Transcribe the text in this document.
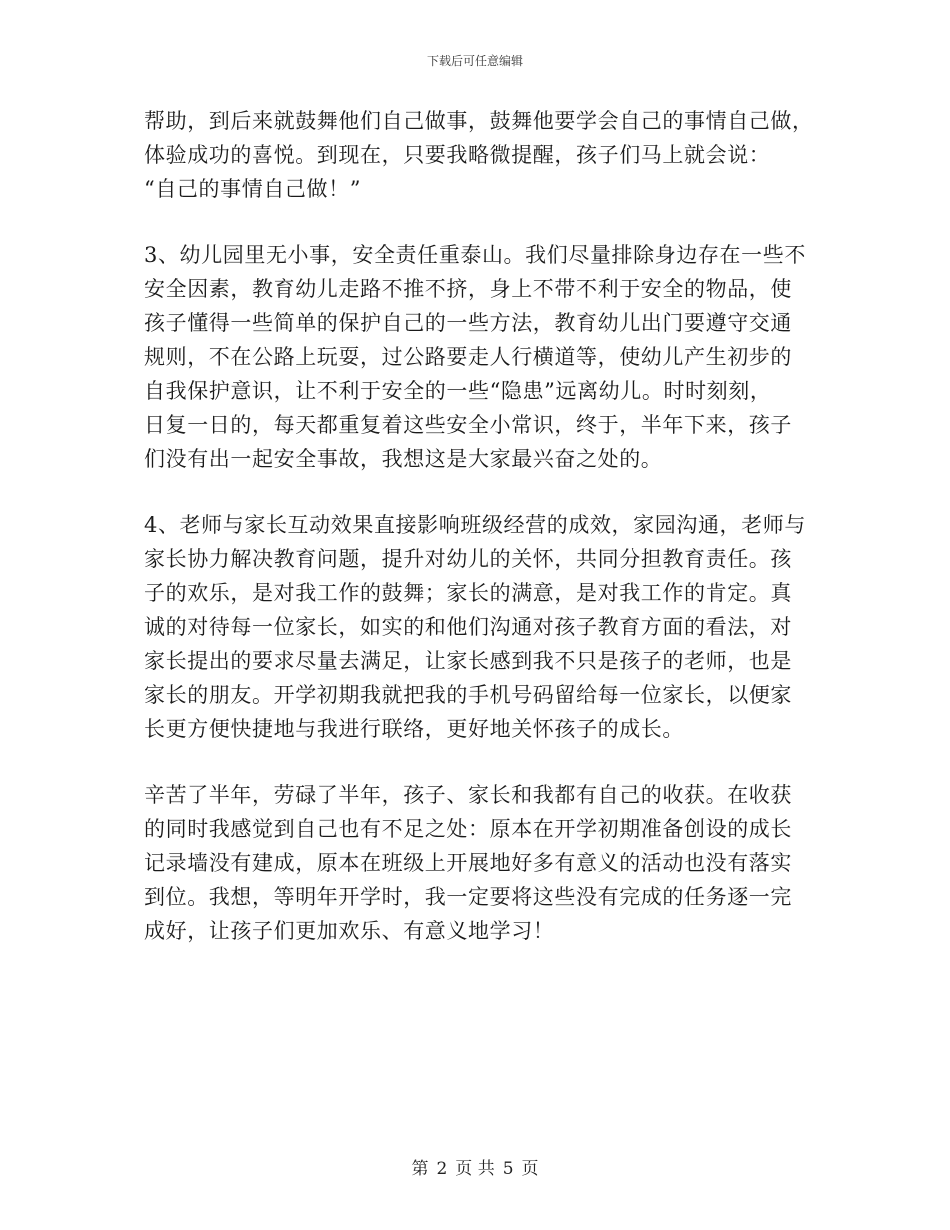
下载后可任意编辑
帮助，到后来就鼓舞他们自己做事，鼓舞他要学会自己的事情自己做，
体验成功的喜悦。到现在，只要我略微提醒，孩子们马上就会说：
“自己的事情自己做！”
3、幼儿园里无小事，安全责任重泰山。我们尽量排除身边存在一些不
安全因素，教育幼儿走路不推不挤，身上不带不利于安全的物品，使
孩子懂得一些简单的保护自己的一些方法，教育幼儿出门要遵守交通
规则，不在公路上玩耍，过公路要走人行横道等，使幼儿产生初步的
自我保护意识，让不利于安全的一些“隐患”远离幼儿。时时刻刻，
日复一日的，每天都重复着这些安全小常识，终于，半年下来，孩子
们没有出一起安全事故，我想这是大家最兴奋之处的。
4、老师与家长互动效果直接影响班级经营的成效，家园沟通，老师与
家长协力解决教育问题，提升对幼儿的关怀，共同分担教育责任。孩
子的欢乐，是对我工作的鼓舞；家长的满意，是对我工作的肯定。真
诚的对待每一位家长，如实的和他们沟通对孩子教育方面的看法，对
家长提出的要求尽量去满足，让家长感到我不只是孩子的老师，也是
家长的朋友。开学初期我就把我的手机号码留给每一位家长，以便家
长更方便快捷地与我进行联络，更好地关怀孩子的成长。
辛苦了半年，劳碌了半年，孩子、家长和我都有自己的收获。在收获
的同时我感觉到自己也有不足之处：原本在开学初期准备创设的成长
记录墙没有建成，原本在班级上开展地好多有意义的活动也没有落实
到位。我想，等明年开学时，我一定要将这些没有完成的任务逐一完
成好，让孩子们更加欢乐、有意义地学习！
第 2 页 共 5 页
